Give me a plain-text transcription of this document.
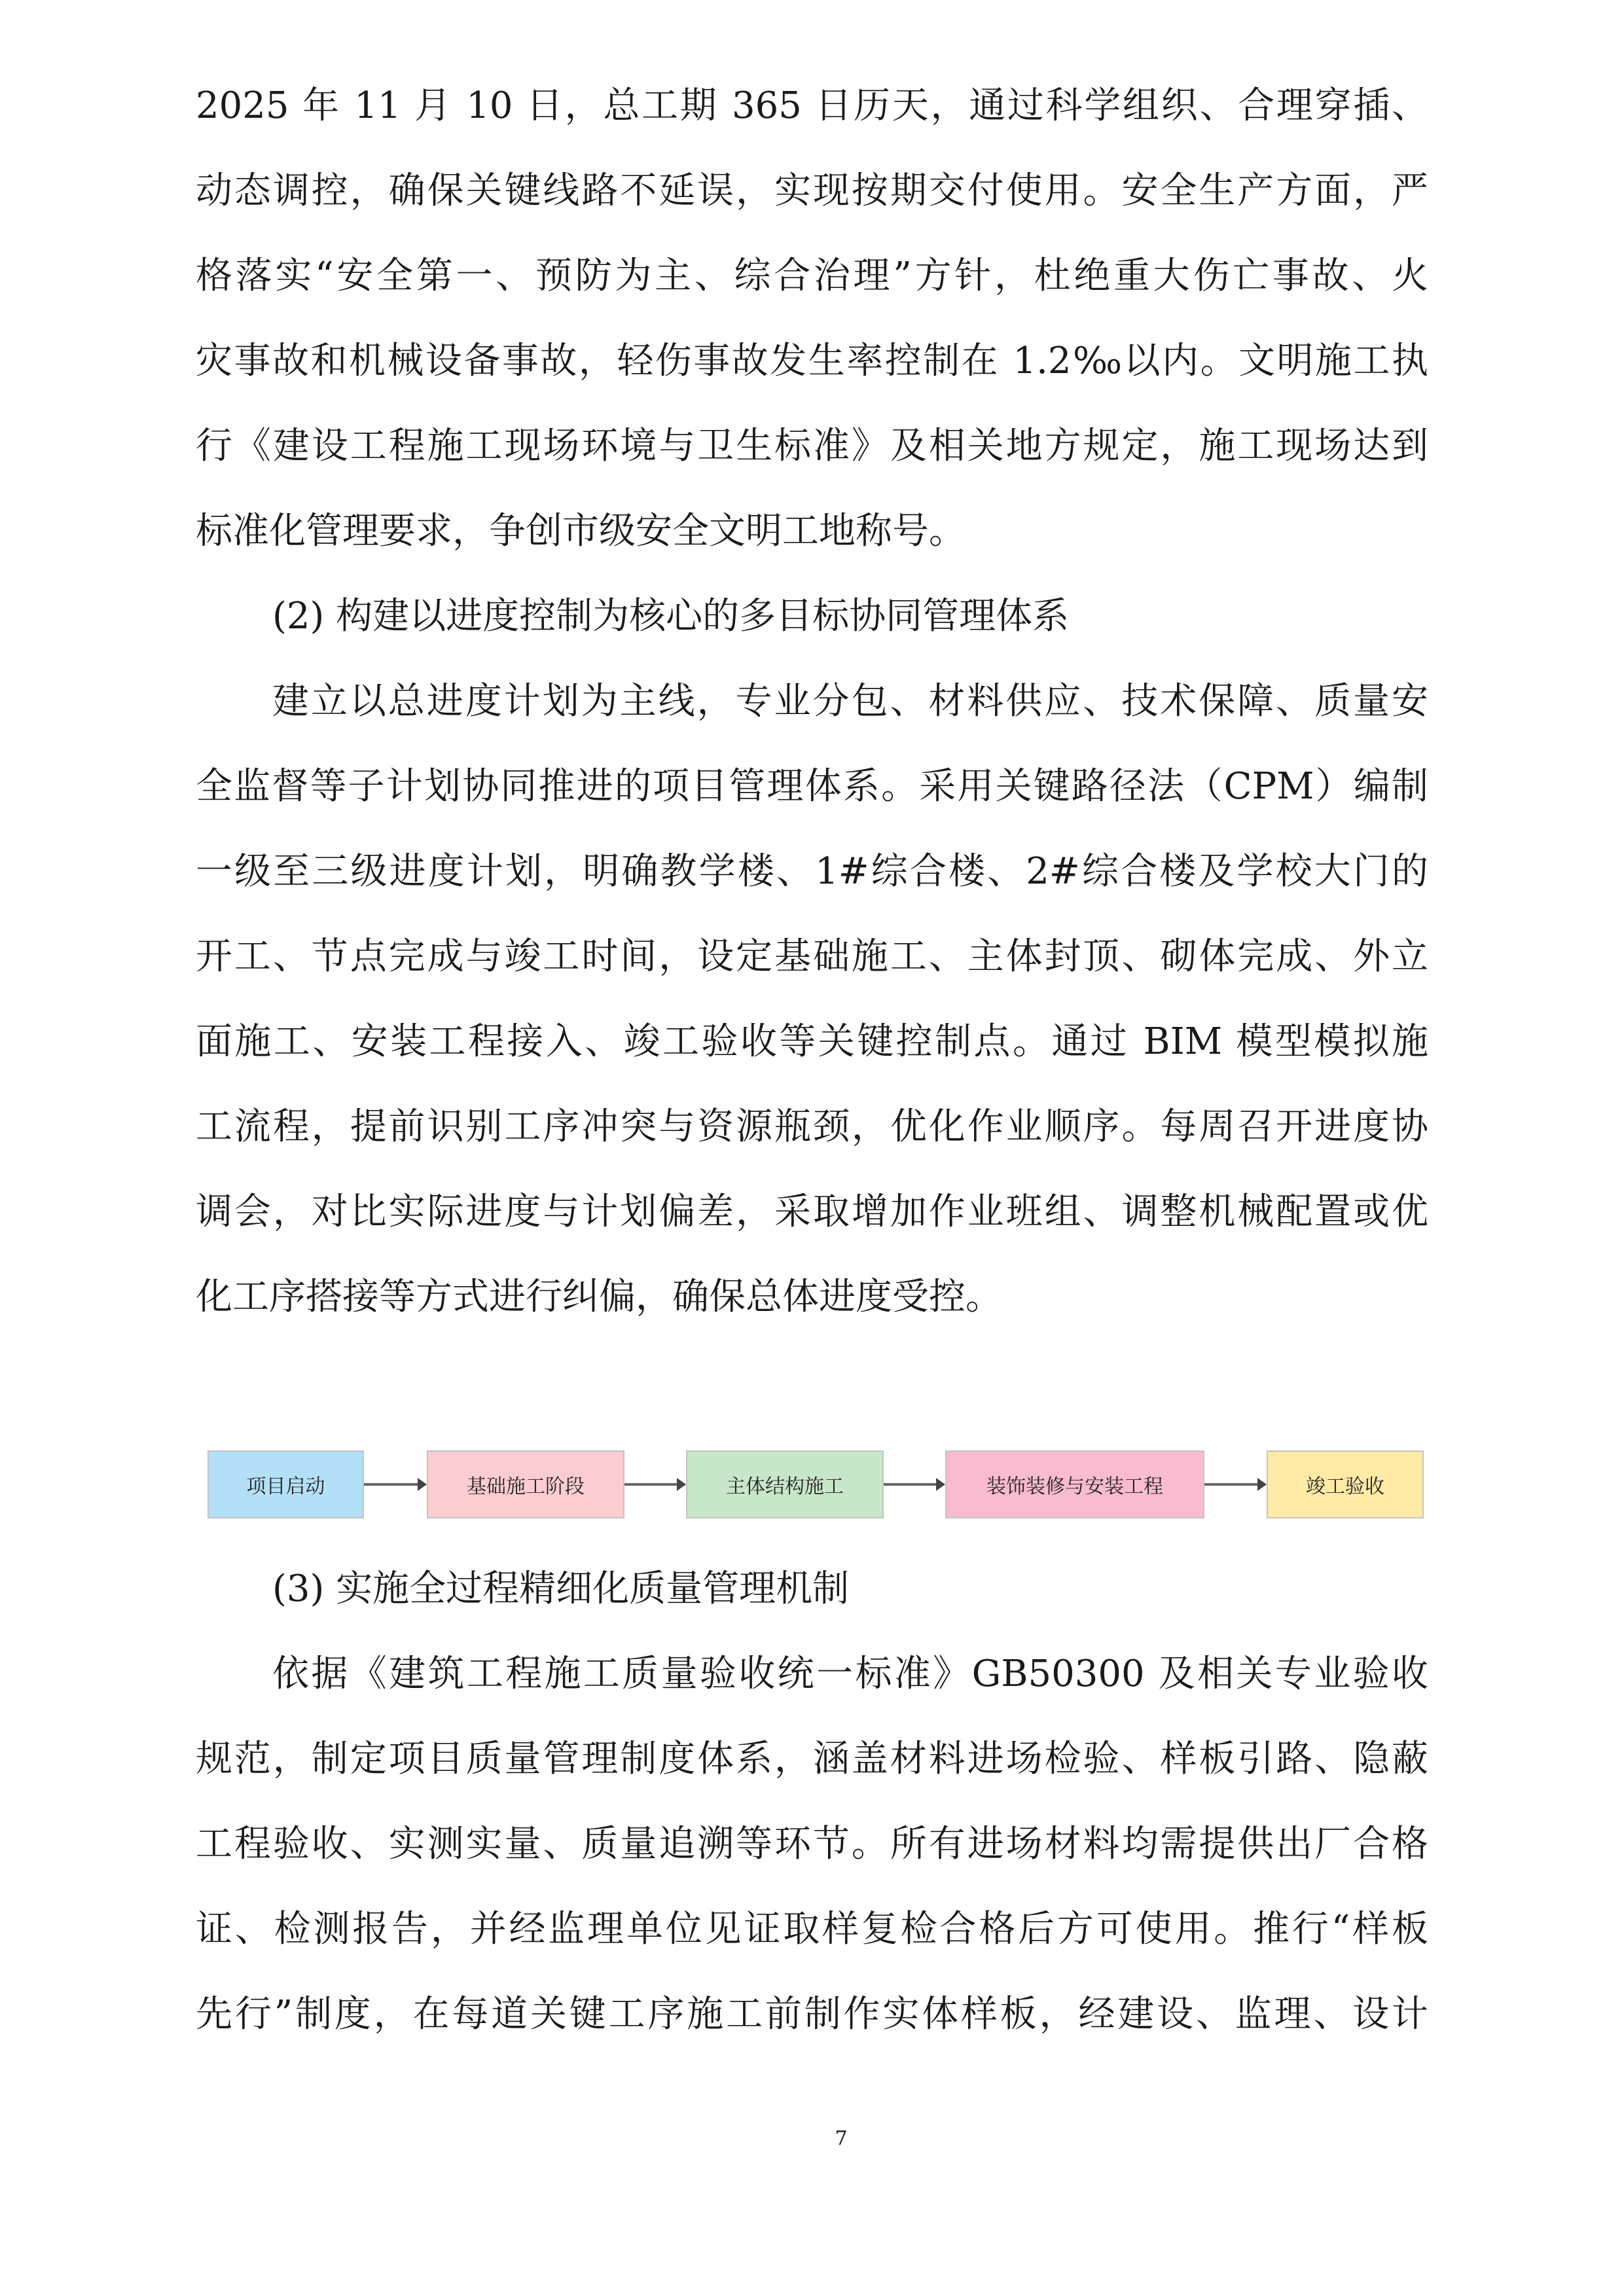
2025 年 11 月 10 日，总工期 365 日历天，通过科学组织、合理穿插、
动态调控，确保关键线路不延误，实现按期交付使用。安全生产方面，严
格落实“安全第一、预防为主、综合治理”方针，杜绝重大伤亡事故、火
灾事故和机械设备事故，轻伤事故发生率控制在 1.2‰以内。文明施工执
行《建设工程施工现场环境与卫生标准》及相关地方规定，施工现场达到
标准化管理要求，争创市级安全文明工地称号。
(2) 构建以进度控制为核心的多目标协同管理体系
建立以总进度计划为主线，专业分包、材料供应、技术保障、质量安
全监督等子计划协同推进的项目管理体系。采用关键路径法（CPM）编制
一级至三级进度计划，明确教学楼、1#综合楼、2#综合楼及学校大门的
开工、节点完成与竣工时间，设定基础施工、主体封顶、砌体完成、外立
面施工、安装工程接入、竣工验收等关键控制点。通过 BIM 模型模拟施
工流程，提前识别工序冲突与资源瓶颈，优化作业顺序。每周召开进度协
调会，对比实际进度与计划偏差，采取增加作业班组、调整机械配置或优
化工序搭接等方式进行纠偏，确保总体进度受控。
项目启动	基础施工阶段	主体结构施工	装饰装修与安装工程	竣工验收
(3) 实施全过程精细化质量管理机制
依据《建筑工程施工质量验收统一标准》GB50300 及相关专业验收
规范，制定项目质量管理制度体系，涵盖材料进场检验、样板引路、隐蔽
工程验收、实测实量、质量追溯等环节。所有进场材料均需提供出厂合格
证、检测报告，并经监理单位见证取样复检合格后方可使用。推行“样板
先行”制度，在每道关键工序施工前制作实体样板，经建设、监理、设计
7
